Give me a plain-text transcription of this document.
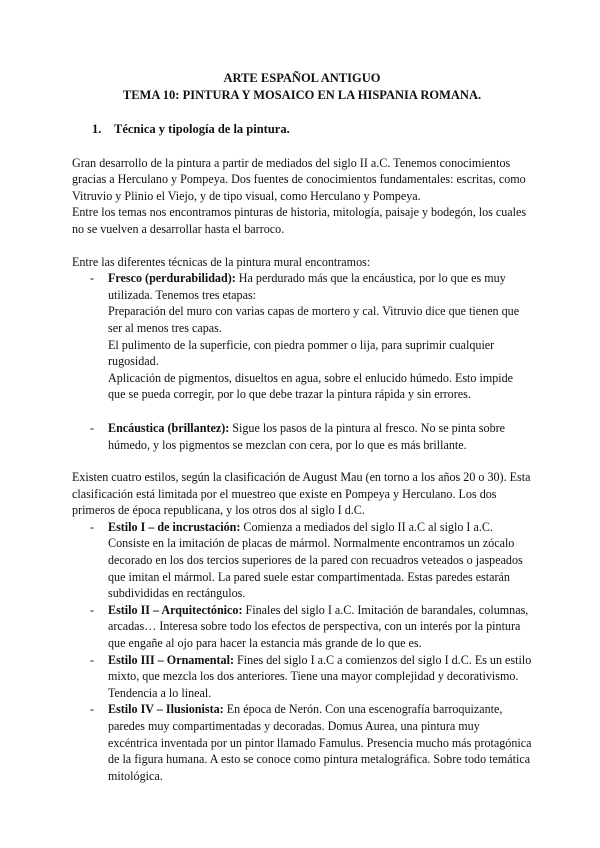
ARTE ESPAÑOL ANTIGUO
TEMA 10: PINTURA Y MOSAICO EN LA HISPANIA ROMANA.
1. Técnica y tipología de la pintura.

Gran desarrollo de la pintura a partir de mediados del siglo II a.C. Tenemos conocimientos gracias a Herculano y Pompeya. Dos fuentes de conocimientos fundamentales: escritas, como Vitruvio y Plinio el Viejo, y de tipo visual, como Herculano y Pompeya.

Entre los temas nos encontramos pinturas de historia, mitología, paisaje y bodegón, los cuales no se vuelven a desarrollar hasta el barroco.

Entre las diferentes técnicas de la pintura mural encontramos:

- Fresco (perdurabilidad): Ha perdurado más que la encáustica, por lo que es muy utilizada. Tenemos tres etapas:

Preparación del muro con varias capas de mortero y cal. Vitruvio dice que tienen que ser al menos tres capas.

El pulimento de la superficie, con piedra pommer o lija, para suprimir cualquier rugosidad.

Aplicación de pigmentos, disueltos en agua, sobre el enlucido húmedo. Esto impide que se pueda corregir, por lo que debe trazar la pintura rápida y sin errores.

- Encáustica (brillantez): Sigue los pasos de la pintura al fresco. No se pinta sobre húmedo, y los pigmentos se mezclan con cera, por lo que es más brillante.

Existen cuatro estilos, según la clasificación de August Mau (en torno a los años 20 o 30). Esta clasificación está limitada por el muestreo que existe en Pompeya y Herculano. Los dos primeros de época republicana, y los otros dos al siglo I d.C.

- Estilo I – de incrustación: Comienza a mediados del siglo II a.C al siglo I a.C. Consiste en la imitación de placas de mármol. Normalmente encontramos un zócalo decorado en los dos tercios superiores de la pared con recuadros veteados o jaspeados que imitan el mármol. La pared suele estar compartimentada. Estas paredes estarán subdivididas en rectángulos.
- Estilo II – Arquitectónico: Finales del siglo I a.C. Imitación de barandales, columnas, arcadas… Interesa sobre todo los efectos de perspectiva, con un interés por la pintura que engañe al ojo para hacer la estancia más grande de lo que es.
- Estilo III – Ornamental: Fines del siglo I a.C a comienzos del siglo I d.C. Es un estilo mixto, que mezcla los dos anteriores. Tiene una mayor complejidad y decorativismo. Tendencia a lo lineal.
- Estilo IV – Ilusionista: En época de Nerón. Con una escenografía barroquizante, paredes muy compartimentadas y decoradas. Domus Aurea, una pintura muy excéntrica inventada por un pintor llamado Famulus. Presencia mucho más protagónica de la figura humana. A esto se conoce como pintura metalográfica. Sobre todo temática mitológica.
